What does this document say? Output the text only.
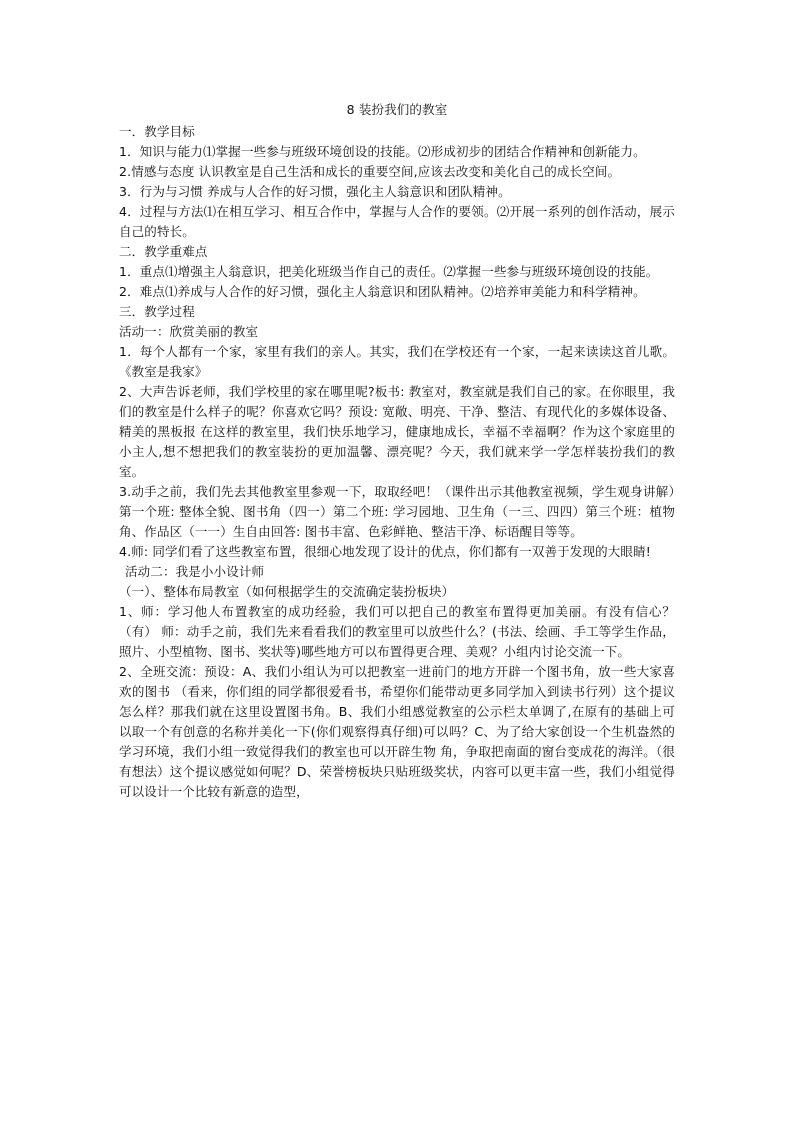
8 装扮我们的教室

一．教学目标

1．知识与能力⑴掌握一些参与班级环境创设的技能。⑵形成初步的团结合作精神和创新能力。

2.情感与态度 认识教室是自己生活和成长的重要空间,应该去改变和美化自己的成长空间。

3．行为与习惯 养成与人合作的好习惯，强化主人翁意识和团队精神。

4．过程与方法⑴在相互学习、相互合作中，掌握与人合作的要领。⑵开展一系列的创作活动，展示自己的特长。

二．教学重难点

1．重点⑴增强主人翁意识，把美化班级当作自己的责任。⑵掌握一些参与班级环境创设的技能。

2．难点⑴养成与人合作的好习惯，强化主人翁意识和团队精神。⑵培养审美能力和科学精神。

三．教学过程

活动一：欣赏美丽的教室

1．每个人都有一个家，家里有我们的亲人。其实，我们在学校还有一个家，一起来读读这首儿歌。《教室是我家》

2、大声告诉老师，我们学校里的家在哪里呢?板书: 教室对，教室就是我们自己的家。在你眼里，我们的教室是什么样子的呢？你喜欢它吗？预设: 宽敞、明亮、干净、整洁、有现代化的多媒体设备、精美的黑板报 在这样的教室里，我们快乐地学习，健康地成长，幸福不幸福啊？作为这个家庭里的小主人,想不想把我们的教室装扮的更加温馨、漂亮呢？今天，我们就来学一学怎样装扮我们的教室。

3.动手之前，我们先去其他教室里参观一下，取取经吧！（课件出示其他教室视频，学生观身讲解）第一个班: 整体全貌、图书角（四一）第二个班: 学习园地、卫生角（一三、四四）第三个班：植物角、作品区（一一）生自由回答: 图书丰富、色彩鲜艳、整洁干净、标语醒目等等。

4.师: 同学们看了这些教室布置，很细心地发现了设计的优点，你们都有一双善于发现的大眼睛!

活动二：我是小小设计师

（一）、整体布局教室（如何根据学生的交流确定装扮板块）

1、师：学习他人布置教室的成功经验，我们可以把自己的教室布置得更加美丽。有没有信心？（有） 师：动手之前，我们先来看看我们的教室里可以放些什么？(书法、绘画、手工等学生作品，照片、小型植物、图书、奖状等)哪些地方可以布置得更合理、美观？小组内讨论交流一下。

2、全班交流：预设：A、我们小组认为可以把教室一进前门的地方开辟一个图书角，放一些大家喜欢的图书 （看来，你们组的同学都很爱看书，希望你们能带动更多同学加入到读书行列）这个提议怎么样？那我们就在这里设置图书角。B、我们小组感觉教室的公示栏太单调了,在原有的基础上可以取一个有创意的名称并美化一下(你们观察得真仔细)可以吗？C、为了给大家创设一个生机盎然的学习环境，我们小组一致觉得我们的教室也可以开辟生物 角，争取把南面的窗台变成花的海洋。（很有想法）这个提议感觉如何呢？D、荣誉榜板块只贴班级奖状，内容可以更丰富一些，我们小组觉得可以设计一个比较有新意的造型，
